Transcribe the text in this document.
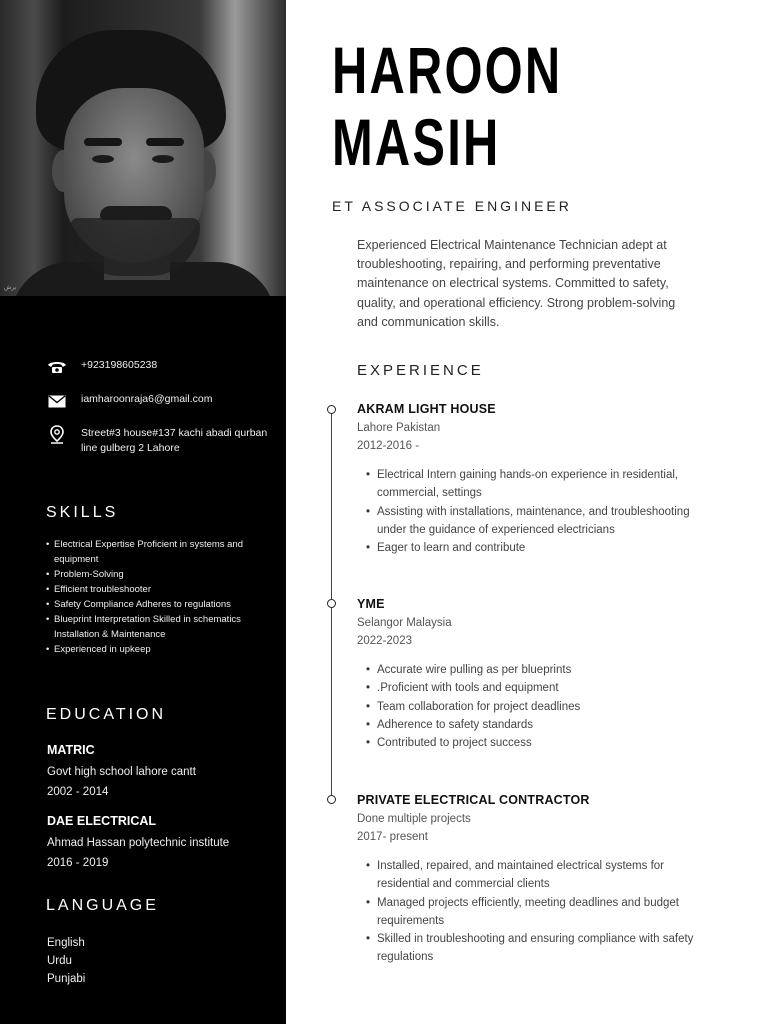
برش
+923198605238
iamharoonraja6@gmail.com
Street#3 house#137 kachi abadi qurban line gulberg 2 Lahore
SKILLS
• Electrical Expertise Proficient in systems and equipment
• Problem-Solving
• Efficient troubleshooter
• Safety Compliance Adheres to regulations
• Blueprint Interpretation Skilled in schematics Installation & Maintenance
• Experienced in upkeep
EDUCATION
MATRIC
Govt high school lahore cantt
2002 - 2014
DAE ELECTRICAL
Ahmad Hassan polytechnic institute
2016 - 2019
LANGUAGE
English
Urdu
Punjabi
HAROON
MASIH
ET ASSOCIATE ENGINEER
Experienced Electrical Maintenance Technician adept at troubleshooting, repairing, and performing preventative maintenance on electrical systems. Committed to safety, quality, and operational efficiency. Strong problem-solving and communication skills.
EXPERIENCE
AKRAM LIGHT HOUSE
Lahore Pakistan
2012-2016 -
• Electrical Intern gaining hands-on experience in residential, commercial, settings
• Assisting with installations, maintenance, and troubleshooting under the guidance of experienced electricians
• Eager to learn and contribute
YME
Selangor Malaysia
2022-2023
• Accurate wire pulling as per blueprints
• .Proficient with tools and equipment
• Team collaboration for project deadlines
• Adherence to safety standards
• Contributed to project success
PRIVATE ELECTRICAL CONTRACTOR
Done multiple projects
2017- present
• Installed, repaired, and maintained electrical systems for residential and commercial clients
• Managed projects efficiently, meeting deadlines and budget requirements
• Skilled in troubleshooting and ensuring compliance with safety regulations
